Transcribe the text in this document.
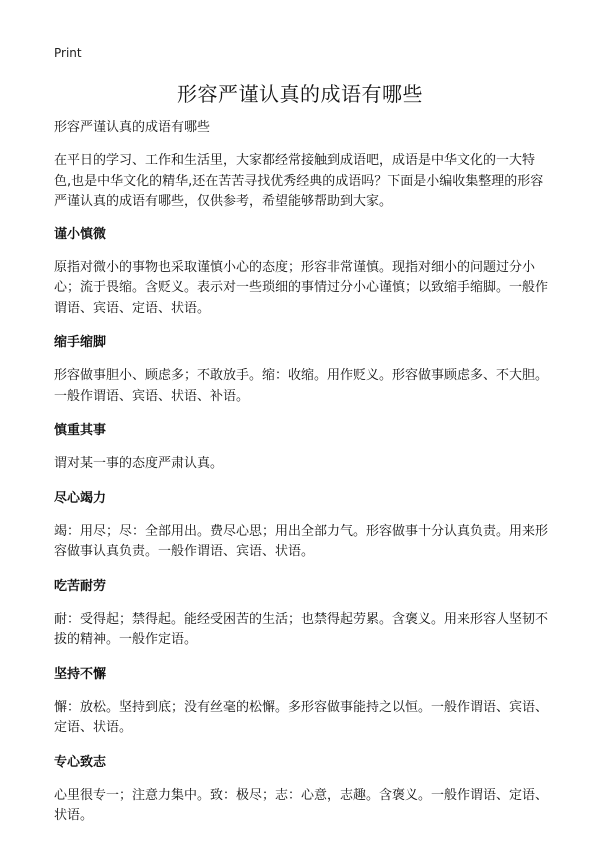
Print
形容严谨认真的成语有哪些

形容严谨认真的成语有哪些

在平日的学习、工作和生活里，大家都经常接触到成语吧，成语是中华文化的一大特色,也是中华文化的精华,还在苦苦寻找优秀经典的成语吗？下面是小编收集整理的形容严谨认真的成语有哪些，仅供参考，希望能够帮助到大家。

谨小慎微

原指对微小的事物也采取谨慎小心的态度；形容非常谨慎。现指对细小的问题过分小心；流于畏缩。含贬义。表示对一些琐细的事情过分小心谨慎；以致缩手缩脚。一般作谓语、宾语、定语、状语。

缩手缩脚

形容做事胆小、顾虑多；不敢放手。缩：收缩。用作贬义。形容做事顾虑多、不大胆。一般作谓语、宾语、状语、补语。

慎重其事

谓对某一事的态度严肃认真。

尽心竭力

竭：用尽；尽：全部用出。费尽心思；用出全部力气。形容做事十分认真负责。用来形容做事认真负责。一般作谓语、宾语、状语。

吃苦耐劳

耐：受得起；禁得起。能经受困苦的生活；也禁得起劳累。含褒义。用来形容人坚韧不拔的精神。一般作定语。

坚持不懈

懈：放松。坚持到底；没有丝毫的松懈。多形容做事能持之以恒。一般作谓语、宾语、定语、状语。

专心致志

心里很专一；注意力集中。致：极尽；志：心意，志趣。含褒义。一般作谓语、定语、状语。
